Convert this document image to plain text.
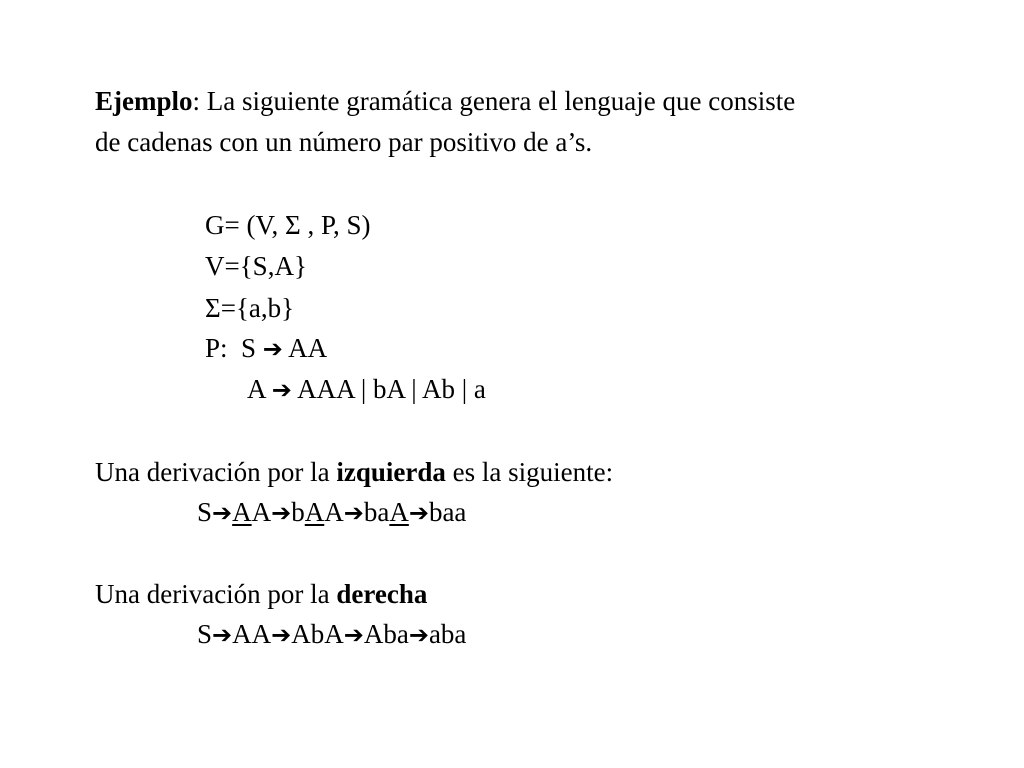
Ejemplo: La siguiente gramática genera el lenguaje que consiste
de cadenas con un número par positivo de a’s.
G= (V, Σ , P, S)
V={S,A}
Σ={a,b}
P:  S ➔ AA
A ➔ AAA | bA | Ab | a
Una derivación por la izquierda es la siguiente:
S➔AA➔bAA➔baA➔baa
Una derivación por la derecha
S➔AA➔AbA➔Aba➔aba
